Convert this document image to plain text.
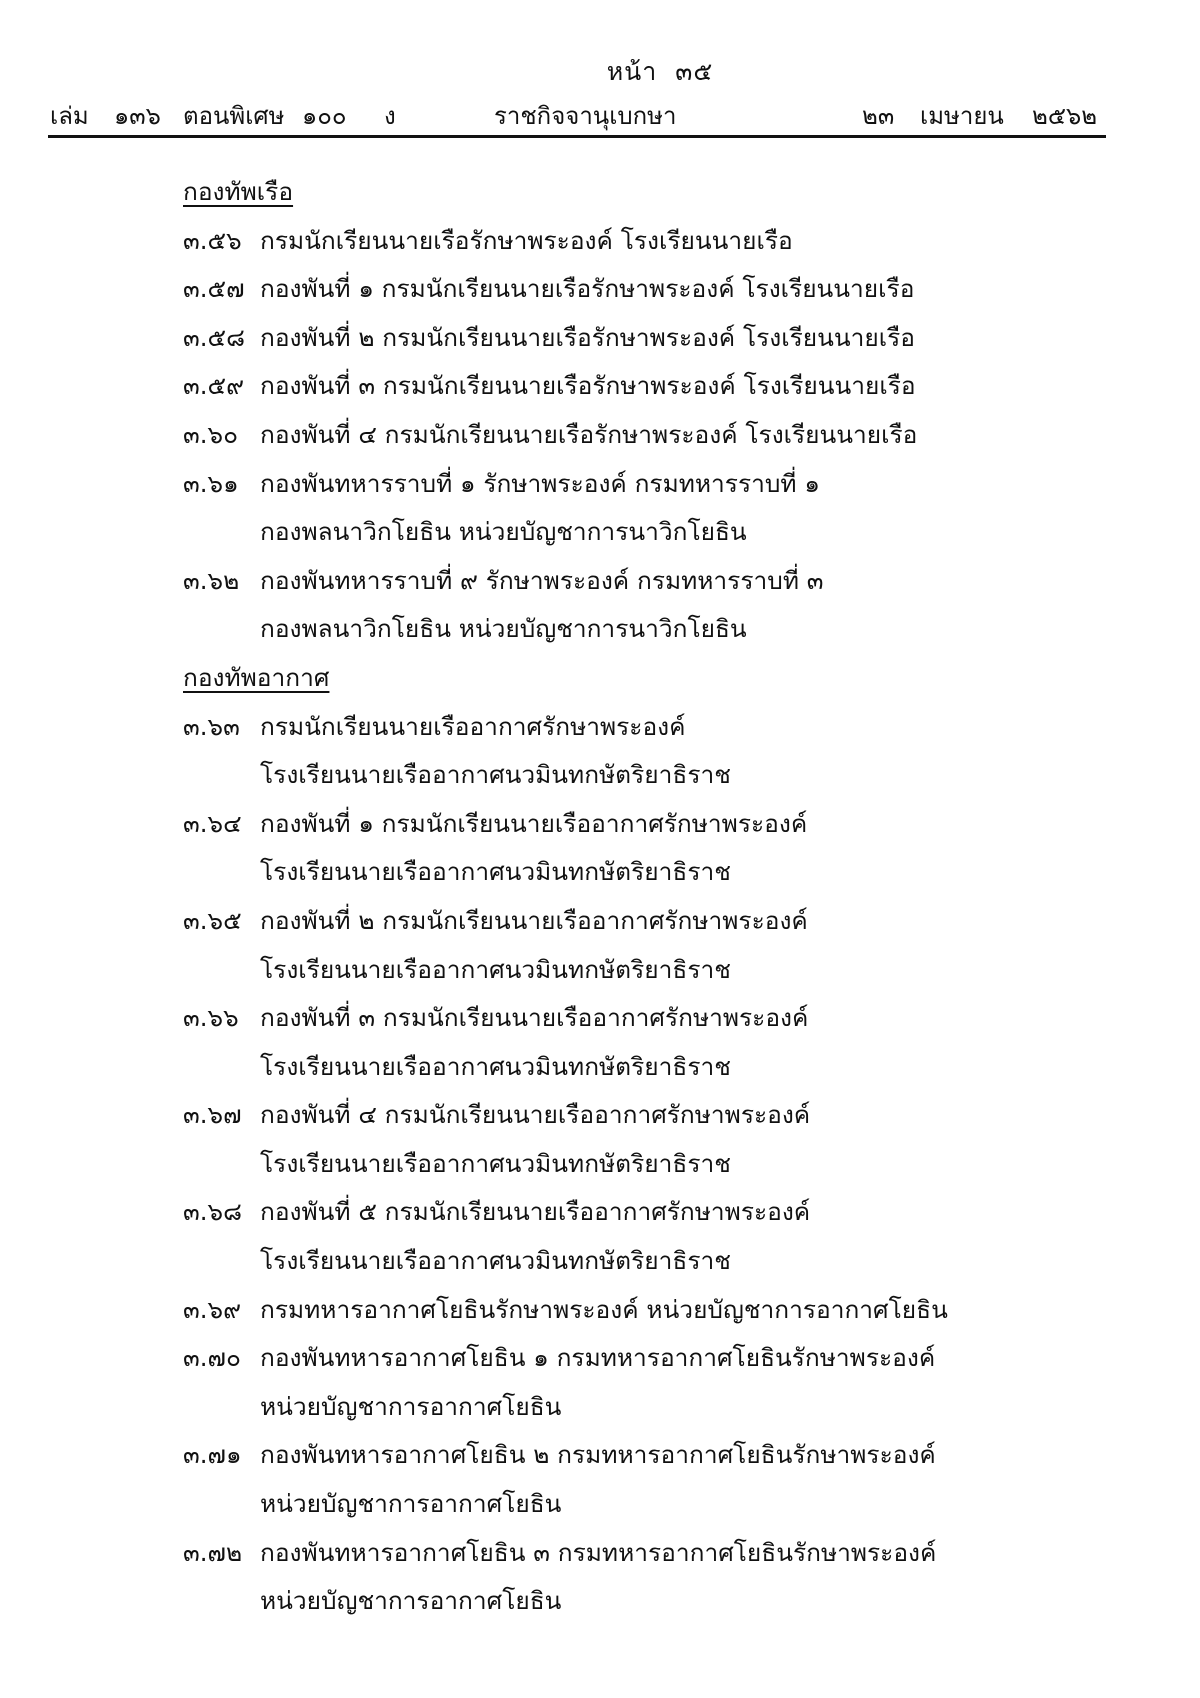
หน้า ๓๕
เล่ม ๑๓๖ ตอนพิเศษ ๑๐๐ ง	ราชกิจจานุเบกษา	๒๓ เมษายน ๒๕๖๒
กองทัพเรือ
๓.๕๖ กรมนักเรียนนายเรือรักษาพระองค์ โรงเรียนนายเรือ
๓.๕๗ กองพันที่ ๑ กรมนักเรียนนายเรือรักษาพระองค์ โรงเรียนนายเรือ
๓.๕๘ กองพันที่ ๒ กรมนักเรียนนายเรือรักษาพระองค์ โรงเรียนนายเรือ
๓.๕๙ กองพันที่ ๓ กรมนักเรียนนายเรือรักษาพระองค์ โรงเรียนนายเรือ
๓.๖๐ กองพันที่ ๔ กรมนักเรียนนายเรือรักษาพระองค์ โรงเรียนนายเรือ
๓.๖๑ กองพันทหารราบที่ ๑ รักษาพระองค์ กรมทหารราบที่ ๑
กองพลนาวิกโยธิน หน่วยบัญชาการนาวิกโยธิน
๓.๖๒ กองพันทหารราบที่ ๙ รักษาพระองค์ กรมทหารราบที่ ๓
กองพลนาวิกโยธิน หน่วยบัญชาการนาวิกโยธิน
กองทัพอากาศ
๓.๖๓ กรมนักเรียนนายเรืออากาศรักษาพระองค์
โรงเรียนนายเรืออากาศนวมินทกษัตริยาธิราช
๓.๖๔ กองพันที่ ๑ กรมนักเรียนนายเรืออากาศรักษาพระองค์
โรงเรียนนายเรืออากาศนวมินทกษัตริยาธิราช
๓.๖๕ กองพันที่ ๒ กรมนักเรียนนายเรืออากาศรักษาพระองค์
โรงเรียนนายเรืออากาศนวมินทกษัตริยาธิราช
๓.๖๖ กองพันที่ ๓ กรมนักเรียนนายเรืออากาศรักษาพระองค์
โรงเรียนนายเรืออากาศนวมินทกษัตริยาธิราช
๓.๖๗ กองพันที่ ๔ กรมนักเรียนนายเรืออากาศรักษาพระองค์
โรงเรียนนายเรืออากาศนวมินทกษัตริยาธิราช
๓.๖๘ กองพันที่ ๕ กรมนักเรียนนายเรืออากาศรักษาพระองค์
โรงเรียนนายเรืออากาศนวมินทกษัตริยาธิราช
๓.๖๙ กรมทหารอากาศโยธินรักษาพระองค์ หน่วยบัญชาการอากาศโยธิน
๓.๗๐ กองพันทหารอากาศโยธิน ๑ กรมทหารอากาศโยธินรักษาพระองค์
หน่วยบัญชาการอากาศโยธิน
๓.๗๑ กองพันทหารอากาศโยธิน ๒ กรมทหารอากาศโยธินรักษาพระองค์
หน่วยบัญชาการอากาศโยธิน
๓.๗๒ กองพันทหารอากาศโยธิน ๓ กรมทหารอากาศโยธินรักษาพระองค์
หน่วยบัญชาการอากาศโยธิน
